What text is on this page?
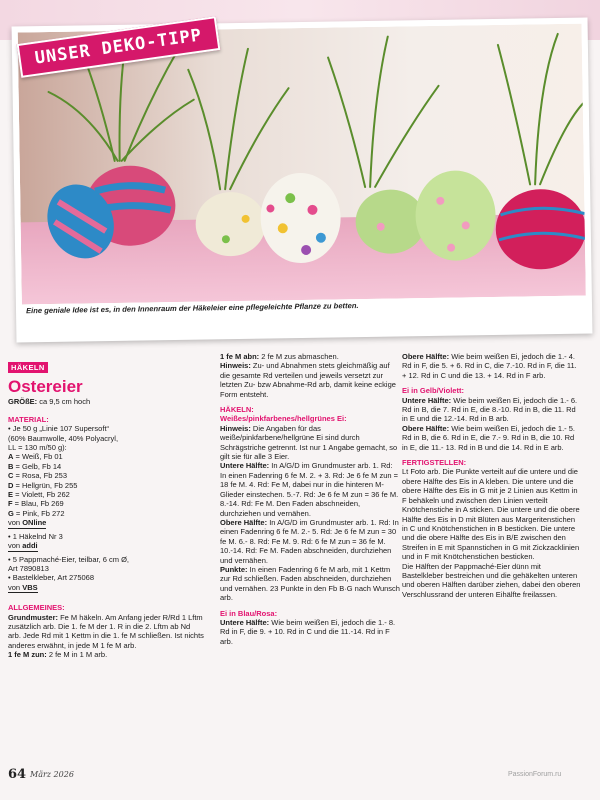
Eine geniale Idee ist es, in den Innenraum der Häkeleier eine pflegeleichte Pflanze zu betten.
UNSER DEKO-TIPP
HÄKELN
Ostereier

GRÖßE: ca 9,5 cm hoch

MATERIAL:

• Je 50 g „Linie 107 Supersoft“

(60% Baumwolle, 40% Polyacryl,

LL = 130 m/50 g):

A = Weiß, Fb 01

B = Gelb, Fb 14

C = Rosa, Fb 253

D = Hellgrün, Fb 255

E = Violett, Fb 262

F = Blau, Fb 269

G = Pink, Fb 272

von ONline

• 1 Häkelnd Nr 3

von addi

• 5 Pappmaché-Eier, teilbar, 6 cm Ø,

Art 7890813

• Bastelkleber, Art 275068

von VBS

ALLGEMEINES:

Grundmuster: Fe M häkeln. Am Anfang jeder R/Rd 1 Lftm zusätzlich arb. Die 1. fe M der 1. R in die 2. Lftm ab Nd arb. Jede Rd mit 1 Kettm in die 1. fe M schließen. Ist nichts anderes erwähnt, in jede M 1 fe M arb.

1 fe M zun: 2 fe M in 1 M arb.

1 fe M abn: 2 fe M zus abmaschen.

Hinweis: Zu- und Abnahmen stets gleichmäßig auf die gesamte Rd verteilen und jeweils versetzt zur letzten Zu- bzw Abnahme-Rd arb, damit keine eckige Form entsteht.

HÄKELN:

Weißes/pinkfarbenes/hellgrünes Ei:

Hinweis: Die Angaben für das weiße/pinkfarbene/hellgrüne Ei sind durch Schrägstriche getrennt. Ist nur 1 Angabe gemacht, so gilt sie für alle 3 Eier.

Untere Hälfte: In A/G/D im Grundmuster arb. 1. Rd: In einen Fadenring 6 fe M. 2. + 3. Rd: Je 6 fe M zun = 18 fe M. 4. Rd: Fe M, dabei nur in die hinteren M-Glieder einstechen. 5.-7. Rd: Je 6 fe M zun = 36 fe M. 8.-14. Rd: Fe M. Den Faden abschneiden, durchziehen und vernähen.

Obere Hälfte: In A/G/D im Grundmuster arb. 1. Rd: In einen Fadenring 6 fe M. 2.- 5. Rd: Je 6 fe M zun = 30 fe M. 6.- 8. Rd: Fe M. 9. Rd: 6 fe M zun = 36 fe M. 10.-14. Rd: Fe M. Faden abschneiden, durchziehen und vernähen.

Punkte: In einen Fadenring 6 fe M arb, mit 1 Kettm zur Rd schließen. Faden abschneiden, durchziehen und vernähen. 23 Punkte in den Fb B·G nach Wunsch arb.

Ei in Blau/Rosa:

Untere Hälfte: Wie beim weißen Ei, jedoch die 1.- 8. Rd in F, die 9. + 10. Rd in C und die 11.-14. Rd in F arb.

Obere Hälfte: Wie beim weißen Ei, jedoch die 1.- 4. Rd in F, die 5. + 6. Rd in C, die 7.-10. Rd in F, die 11. + 12. Rd in C und die 13. + 14. Rd in F arb.

Ei in Gelb/Violett:

Untere Hälfte: Wie beim weißen Ei, jedoch die 1.- 6. Rd in B, die 7. Rd in E, die 8.-10. Rd in B, die 11. Rd in E und die 12.-14. Rd in B arb.

Obere Hälfte: Wie beim weißen Ei, jedoch die 1.- 5. Rd in B, die 6. Rd in E, die 7.- 9. Rd in B, die 10. Rd in E, die 11.- 13. Rd in B und die 14. Rd in E arb.

FERTIGSTELLEN:

Lt Foto arb. Die Punkte verteilt auf die untere und die obere Hälfte des Eis in A kleben. Die untere und die obere Hälfte des Eis in G mit je 2 Linien aus Kettm in F behäkeln und zwischen den Linien verteilt Knötchenstiche in A sticken. Die untere und die obere Hälfte des Eis in D mit Blüten aus Margeritenstichen in C und Knötchenstichen in B besticken. Die untere und die obere Hälfte des Eis in B/E zwischen den Streifen in E mit Spannstichen in G mit Zickzacklinien und in F mit Knötchenstichen besticken.

Die Hälften der Pappmaché-Eier dünn mit Bastelkleber bestreichen und die gehäkelten unteren und oberen Hälften darüber ziehen, dabei den oberen Verschlussrand der unteren Eihälfte freilassen.

64 März 2026	PassionForum.ru
